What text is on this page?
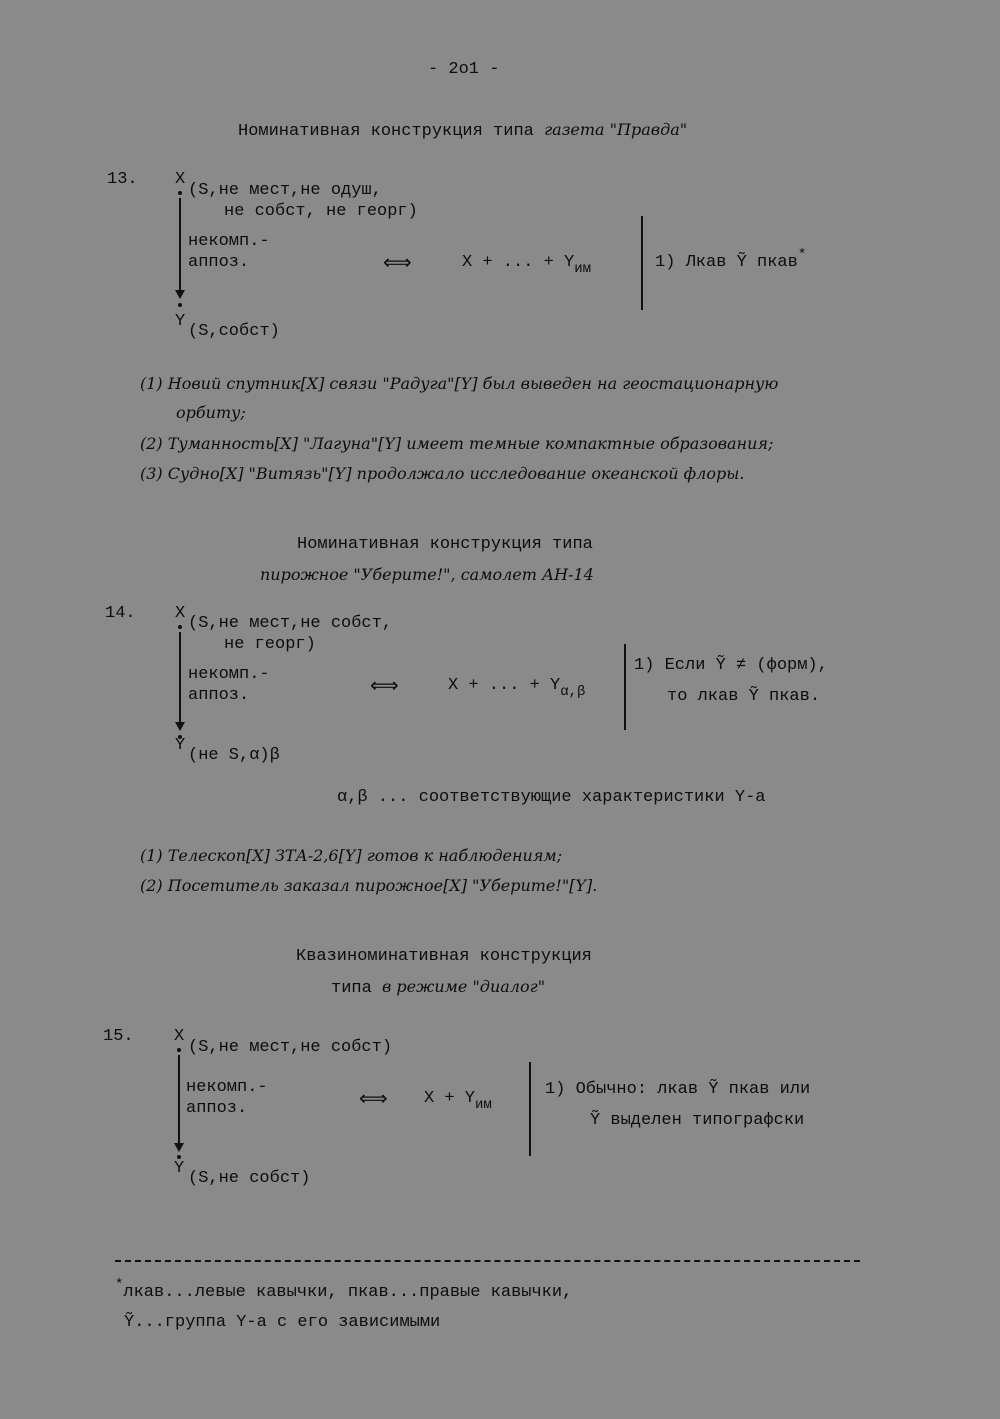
- 2o1 -
Номинативная конструкция типа газета "Правда"
13. X
(S,не мест,не одуш,
не собст, не георг)
некомп.-
аппоз.	⟺	X + ... + $Y_{им}$	1) Лкав Ỹ пкав*
Y
(S,собст)
(1) Новий спутник[X] связи "Радуга"[Y] был выведен на геостационарную
орбиту;
(2) Туманность[X] "Лагуна"[Y] имеет темные компактные образования;
(3) Судно[X] "Витязь"[Y] продолжало исследование океанской флоры.
Номинативная конструкция типа
пирожное "Уберите!", самолет АН-14
14. X
(S,не мест,не собст,
не георг)
некомп.-
аппоз.	⟺	X + ... + $Y_{\alpha,\beta}$
1) Если Ỹ ≠ (форм),
то лкав Ỹ пкав.
Y
(не S,α)β
α,β ... соответствующие характеристики Y-а
(1) Телескоп[X] ЗТА-2,6[Y] готов к наблюдениям;
(2) Посетитель заказал пирожное[X] "Уберите!"[Y].
Квазиноминативная конструкция
типа в режиме "диалог"
15. X
(S,не мест,не собст)
некомп.-
аппоз.	⟺ $X + Y_{им}$
1) Обычно: лкав Ỹ пкав или
Ỹ выделен типографски
Y
(S,не собст)
*лкав...левые кавычки, пкав...правые кавычки,
Ỹ...группа Y-а с его зависимыми
